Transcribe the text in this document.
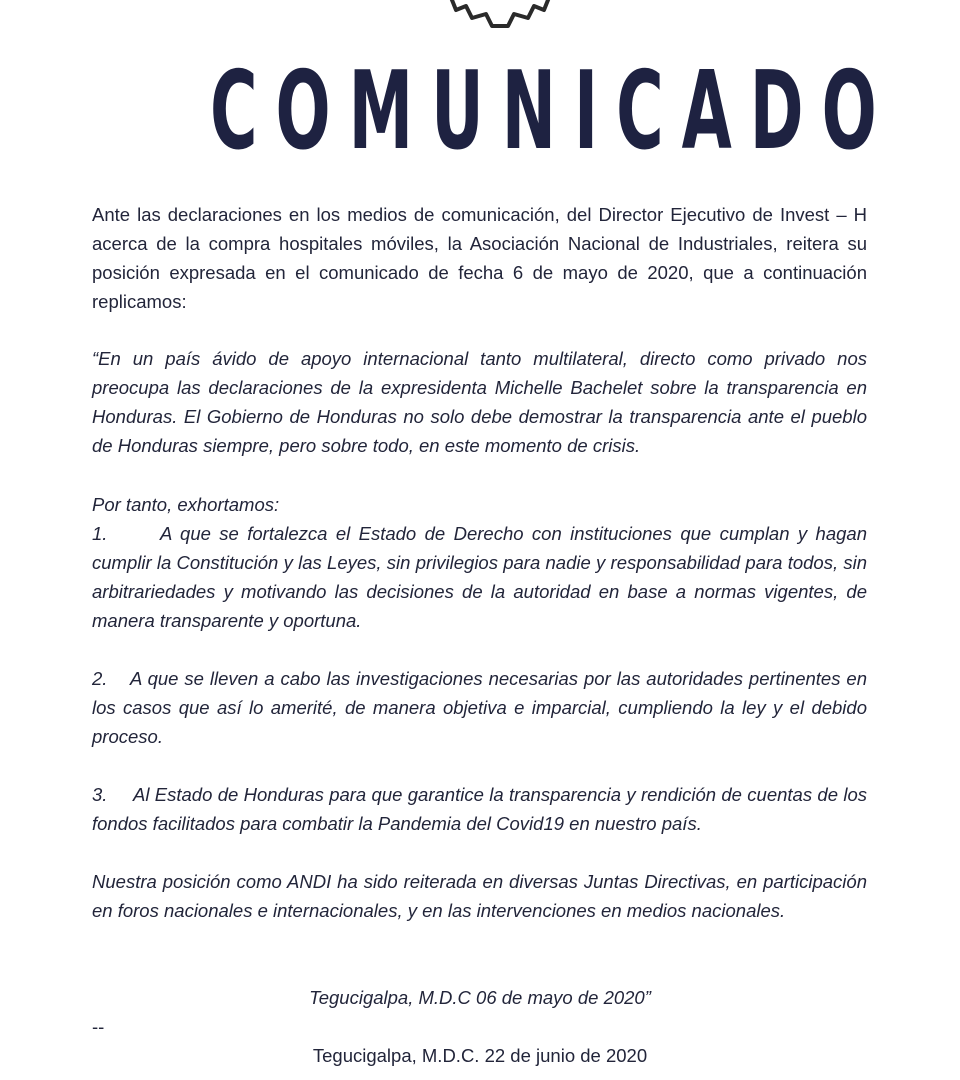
COMUNICADO

Ante las declaraciones en los medios de comunicación, del Director Ejecutivo de Invest – H acerca de la compra hospitales móviles, la Asociación Nacional de Industriales, reitera su posición expresada en el comunicado de fecha 6 de mayo de 2020, que a continuación replicamos:

“En un país ávido de apoyo internacional tanto multilateral, directo como privado nos preocupa las declaraciones de la expresidenta Michelle Bachelet sobre la transparencia en Honduras. El Gobierno de Honduras no solo debe demostrar la transparencia ante el pueblo de Honduras siempre, pero sobre todo, en este momento de crisis.

Por tanto, exhortamos:

1.	A que se fortalezca el Estado de Derecho con instituciones que cumplan y hagan cumplir la Constitución y las Leyes, sin privilegios para nadie y responsabilidad para todos, sin arbitrariedades y motivando las decisiones de la autoridad en base a normas vigentes, de manera transparente y oportuna.

2. A que se lleven a cabo las investigaciones necesarias por las autoridades pertinentes en los casos que así lo amerité, de manera objetiva e imparcial, cumpliendo la ley y el debido proceso.

3. Al Estado de Honduras para que garantice la transparencia y rendición de cuentas de los fondos facilitados para combatir la Pandemia del Covid19 en nuestro país.

Nuestra posición como ANDI ha sido reiterada en diversas Juntas Directivas, en participación en foros nacionales e internacionales, y en las intervenciones en medios nacionales.

Tegucigalpa, M.D.C 06 de mayo de 2020”

--

Tegucigalpa, M.D.C. 22 de junio de 2020
